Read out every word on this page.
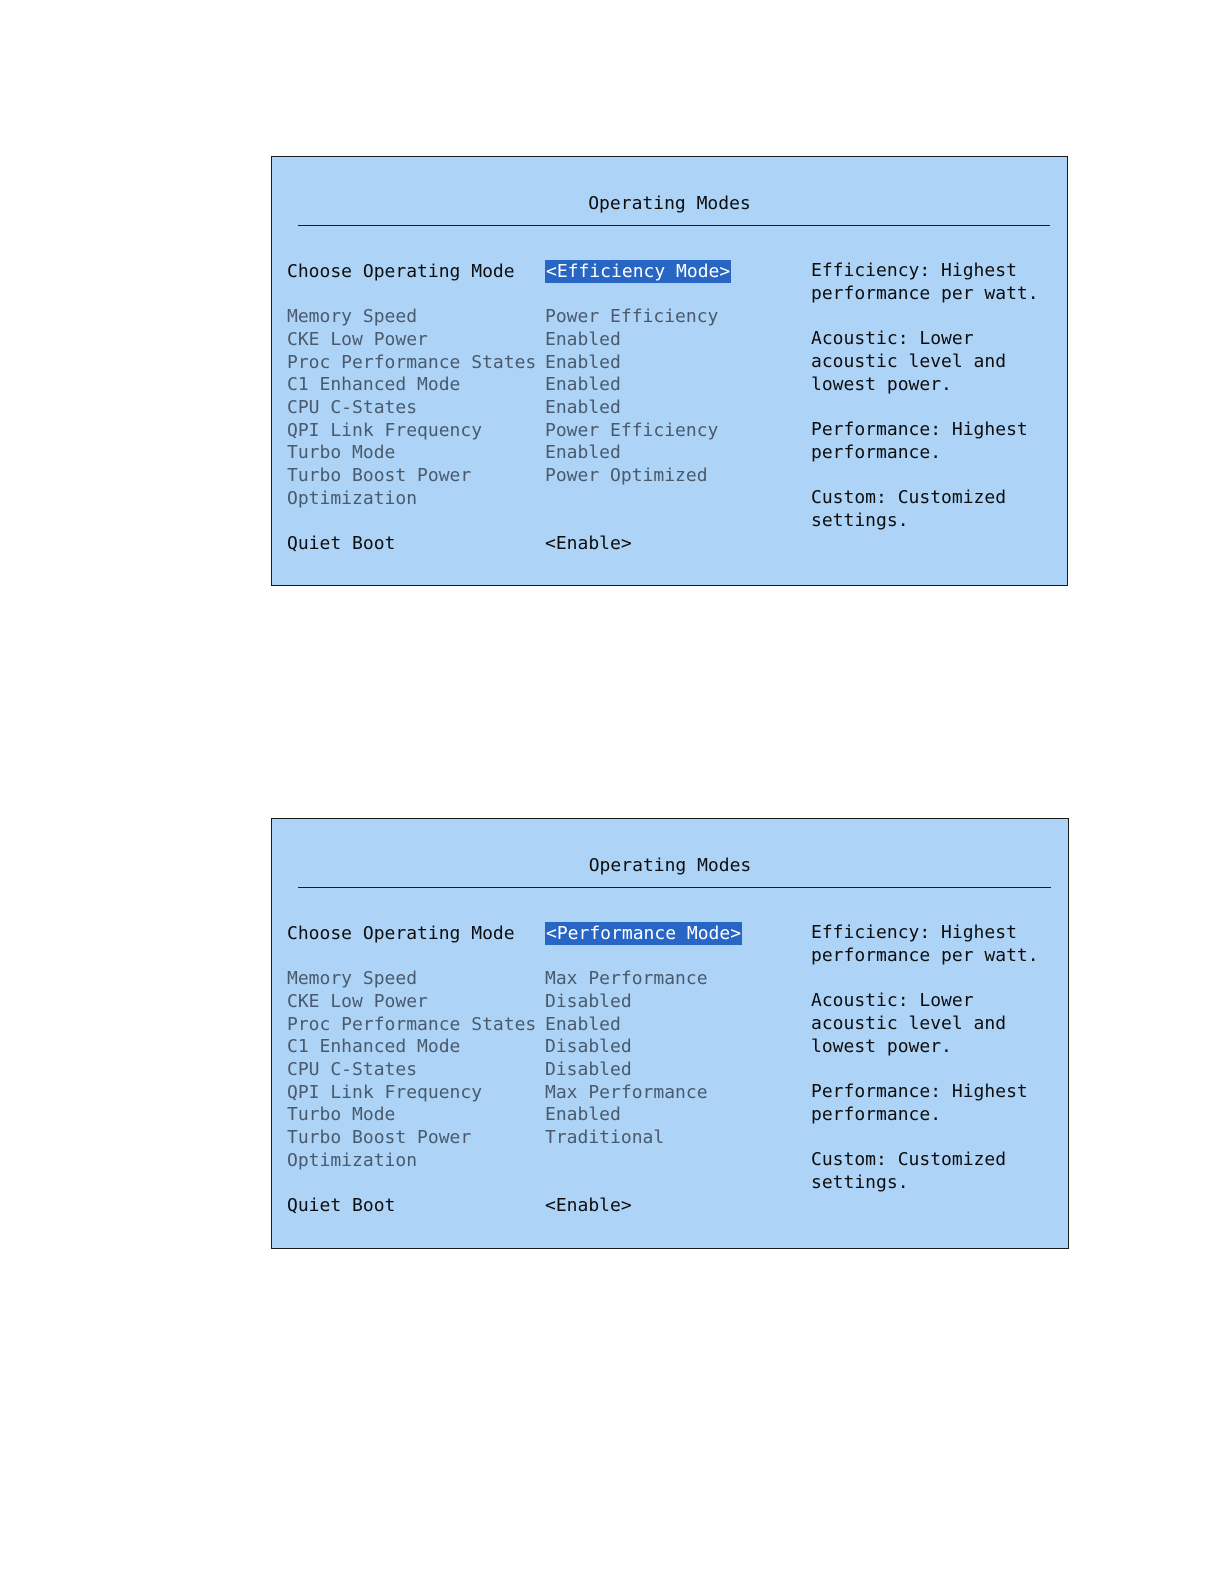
Operating Modes
Choose Operating Mode <Efficiency Mode>
Memory Speed	Power Efficiency
CKE Low Power	Enabled
Proc Performance States Enabled
C1 Enhanced Mode	Enabled
CPU C-States	Enabled
QPI Link Frequency	Power Efficiency
Turbo Mode	Enabled
Turbo Boost Power	Power Optimized
Optimization
Quiet Boot	<Enable>

Efficiency: Highest
performance per watt.

Acoustic: Lower
acoustic level and
lowest power.

Performance: Highest
performance.

Custom: Customized
settings.

Operating Modes
Choose Operating Mode <Performance Mode>
Memory Speed	Max Performance
CKE Low Power	Disabled
Proc Performance States Enabled
C1 Enhanced Mode	Disabled
CPU C-States	Disabled
QPI Link Frequency	Max Performance
Turbo Mode	Enabled
Turbo Boost Power	Traditional
Optimization
Quiet Boot	<Enable>

Efficiency: Highest
performance per watt.

Acoustic: Lower
acoustic level and
lowest power.

Performance: Highest
performance.

Custom: Customized
settings.
